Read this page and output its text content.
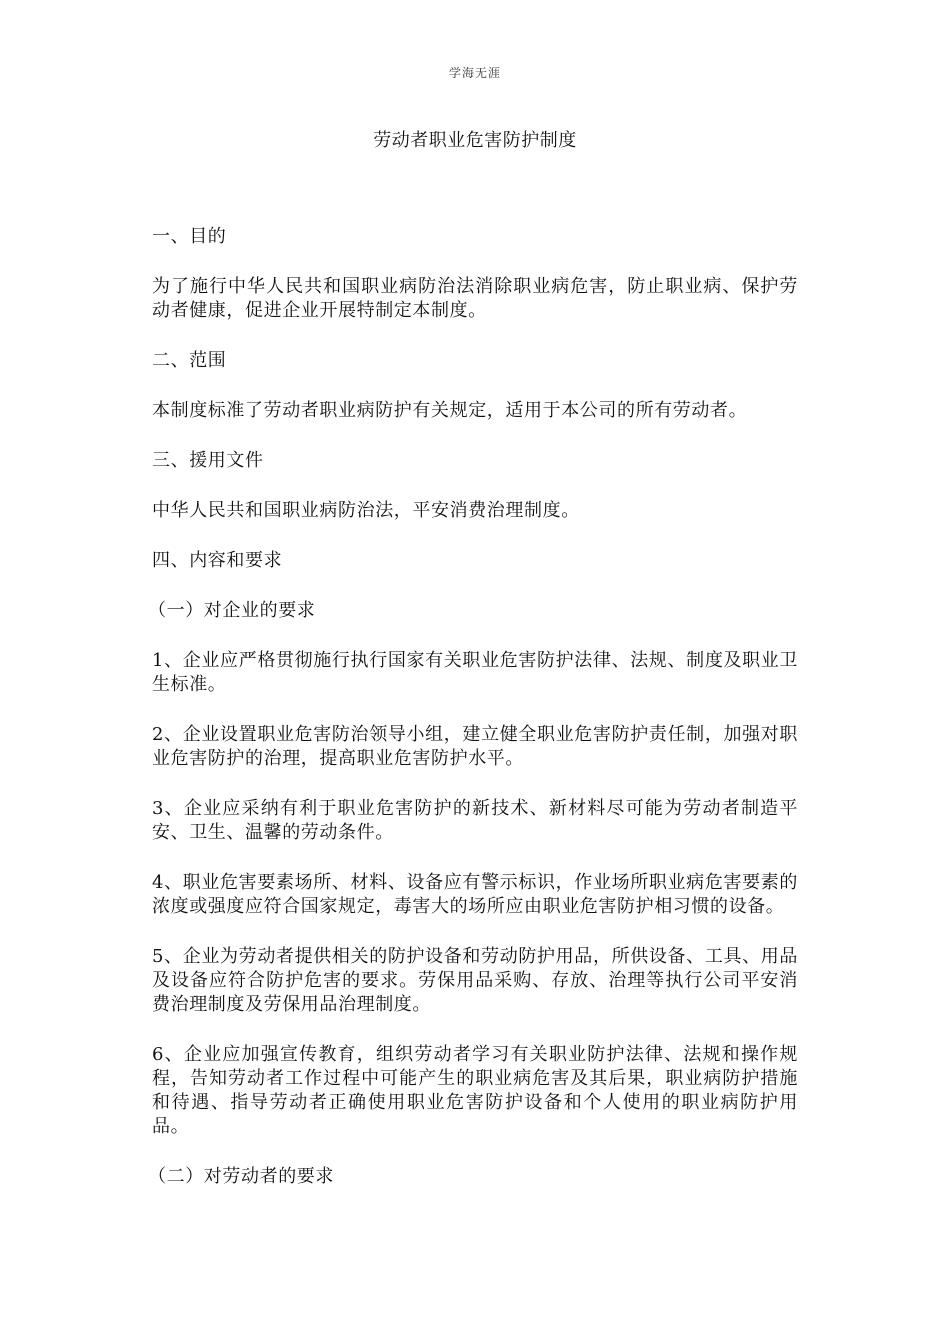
学海无涯
劳动者职业危害防护制度

一、目的

为了施行中华人民共和国职业病防治法消除职业病危害，防止职业病、保护劳动者健康，促进企业开展特制定本制度。

二、范围

本制度标准了劳动者职业病防护有关规定，适用于本公司的所有劳动者。

三、援用文件

中华人民共和国职业病防治法，平安消费治理制度。

四、内容和要求

（一）对企业的要求

1、企业应严格贯彻施行执行国家有关职业危害防护法律、法规、制度及职业卫生标准。

2、企业设置职业危害防治领导小组，建立健全职业危害防护责任制，加强对职业危害防护的治理，提高职业危害防护水平。

3、企业应采纳有利于职业危害防护的新技术、新材料尽可能为劳动者制造平安、卫生、温馨的劳动条件。

4、职业危害要素场所、材料、设备应有警示标识，作业场所职业病危害要素的浓度或强度应符合国家规定，毒害大的场所应由职业危害防护相习惯的设备。

5、企业为劳动者提供相关的防护设备和劳动防护用品，所供设备、工具、用品及设备应符合防护危害的要求。劳保用品采购、存放、治理等执行公司平安消费治理制度及劳保用品治理制度。

6、企业应加强宣传教育，组织劳动者学习有关职业防护法律、法规和操作规程，告知劳动者工作过程中可能产生的职业病危害及其后果，职业病防护措施和待遇、指导劳动者正确使用职业危害防护设备和个人使用的职业病防护用品。

（二）对劳动者的要求
